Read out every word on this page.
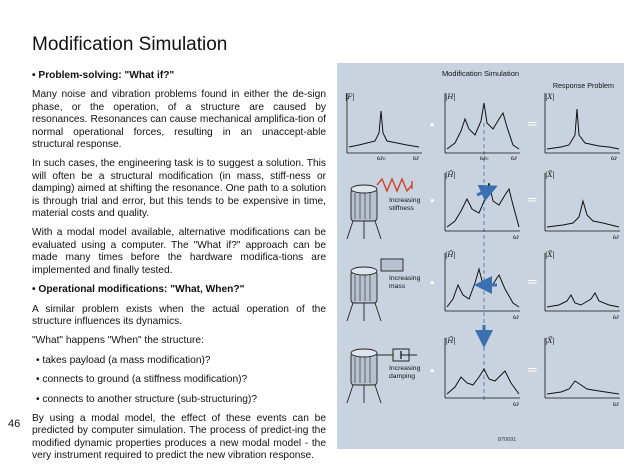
Modification Simulation

• Problem-solving: "What if?"

Many noise and vibration problems found in either the de-sign phase, or the operation, of a structure are caused by resonances. Resonances can cause mechanical amplifica-tion of normal operational forces, resulting in an unaccept-able structural response.

In such cases, the engineering task is to suggest a solution. This will often be a structural modification (in mass, stiff-ness or damping) aimed at shifting the resonance. One path to a solution is through trial and error, but this tends to be expensive in time, material costs and quality.

With a modal model available, alternative modifications can be evaluated using a computer. The "What if?" approach can be made many times before the hardware modifica-tions are implemented and finally tested.

• Operational modifications: "What, When?"

A similar problem exists when the actual operation of the structure influences its dynamics.

"What" happens "When" the structure:

• takes payload (a mass modification)?

• connects to ground (a stiffness modification)?

• connects to another structure (sub-structuring)?

By using a modal model, the effect of these events can be predicted by computer simulation. The process of predict-ing the modified dynamic properties produces a new modal model - the very instrument required to predict the new vibration response.

46
Modification Simulation
Response Problem
|F|	|H|	|X|
ω₀	ω₀
ω	ω	ω
•	=
|H̃|	|X̃|
ω	ω
Increasing
stiffness
•	=
|H̃|	|X̃|
ω	ω
Increasing
mass	•	=
|H̃|	|X̃|
ω	ω
Increasing
damping	•	=
870691
